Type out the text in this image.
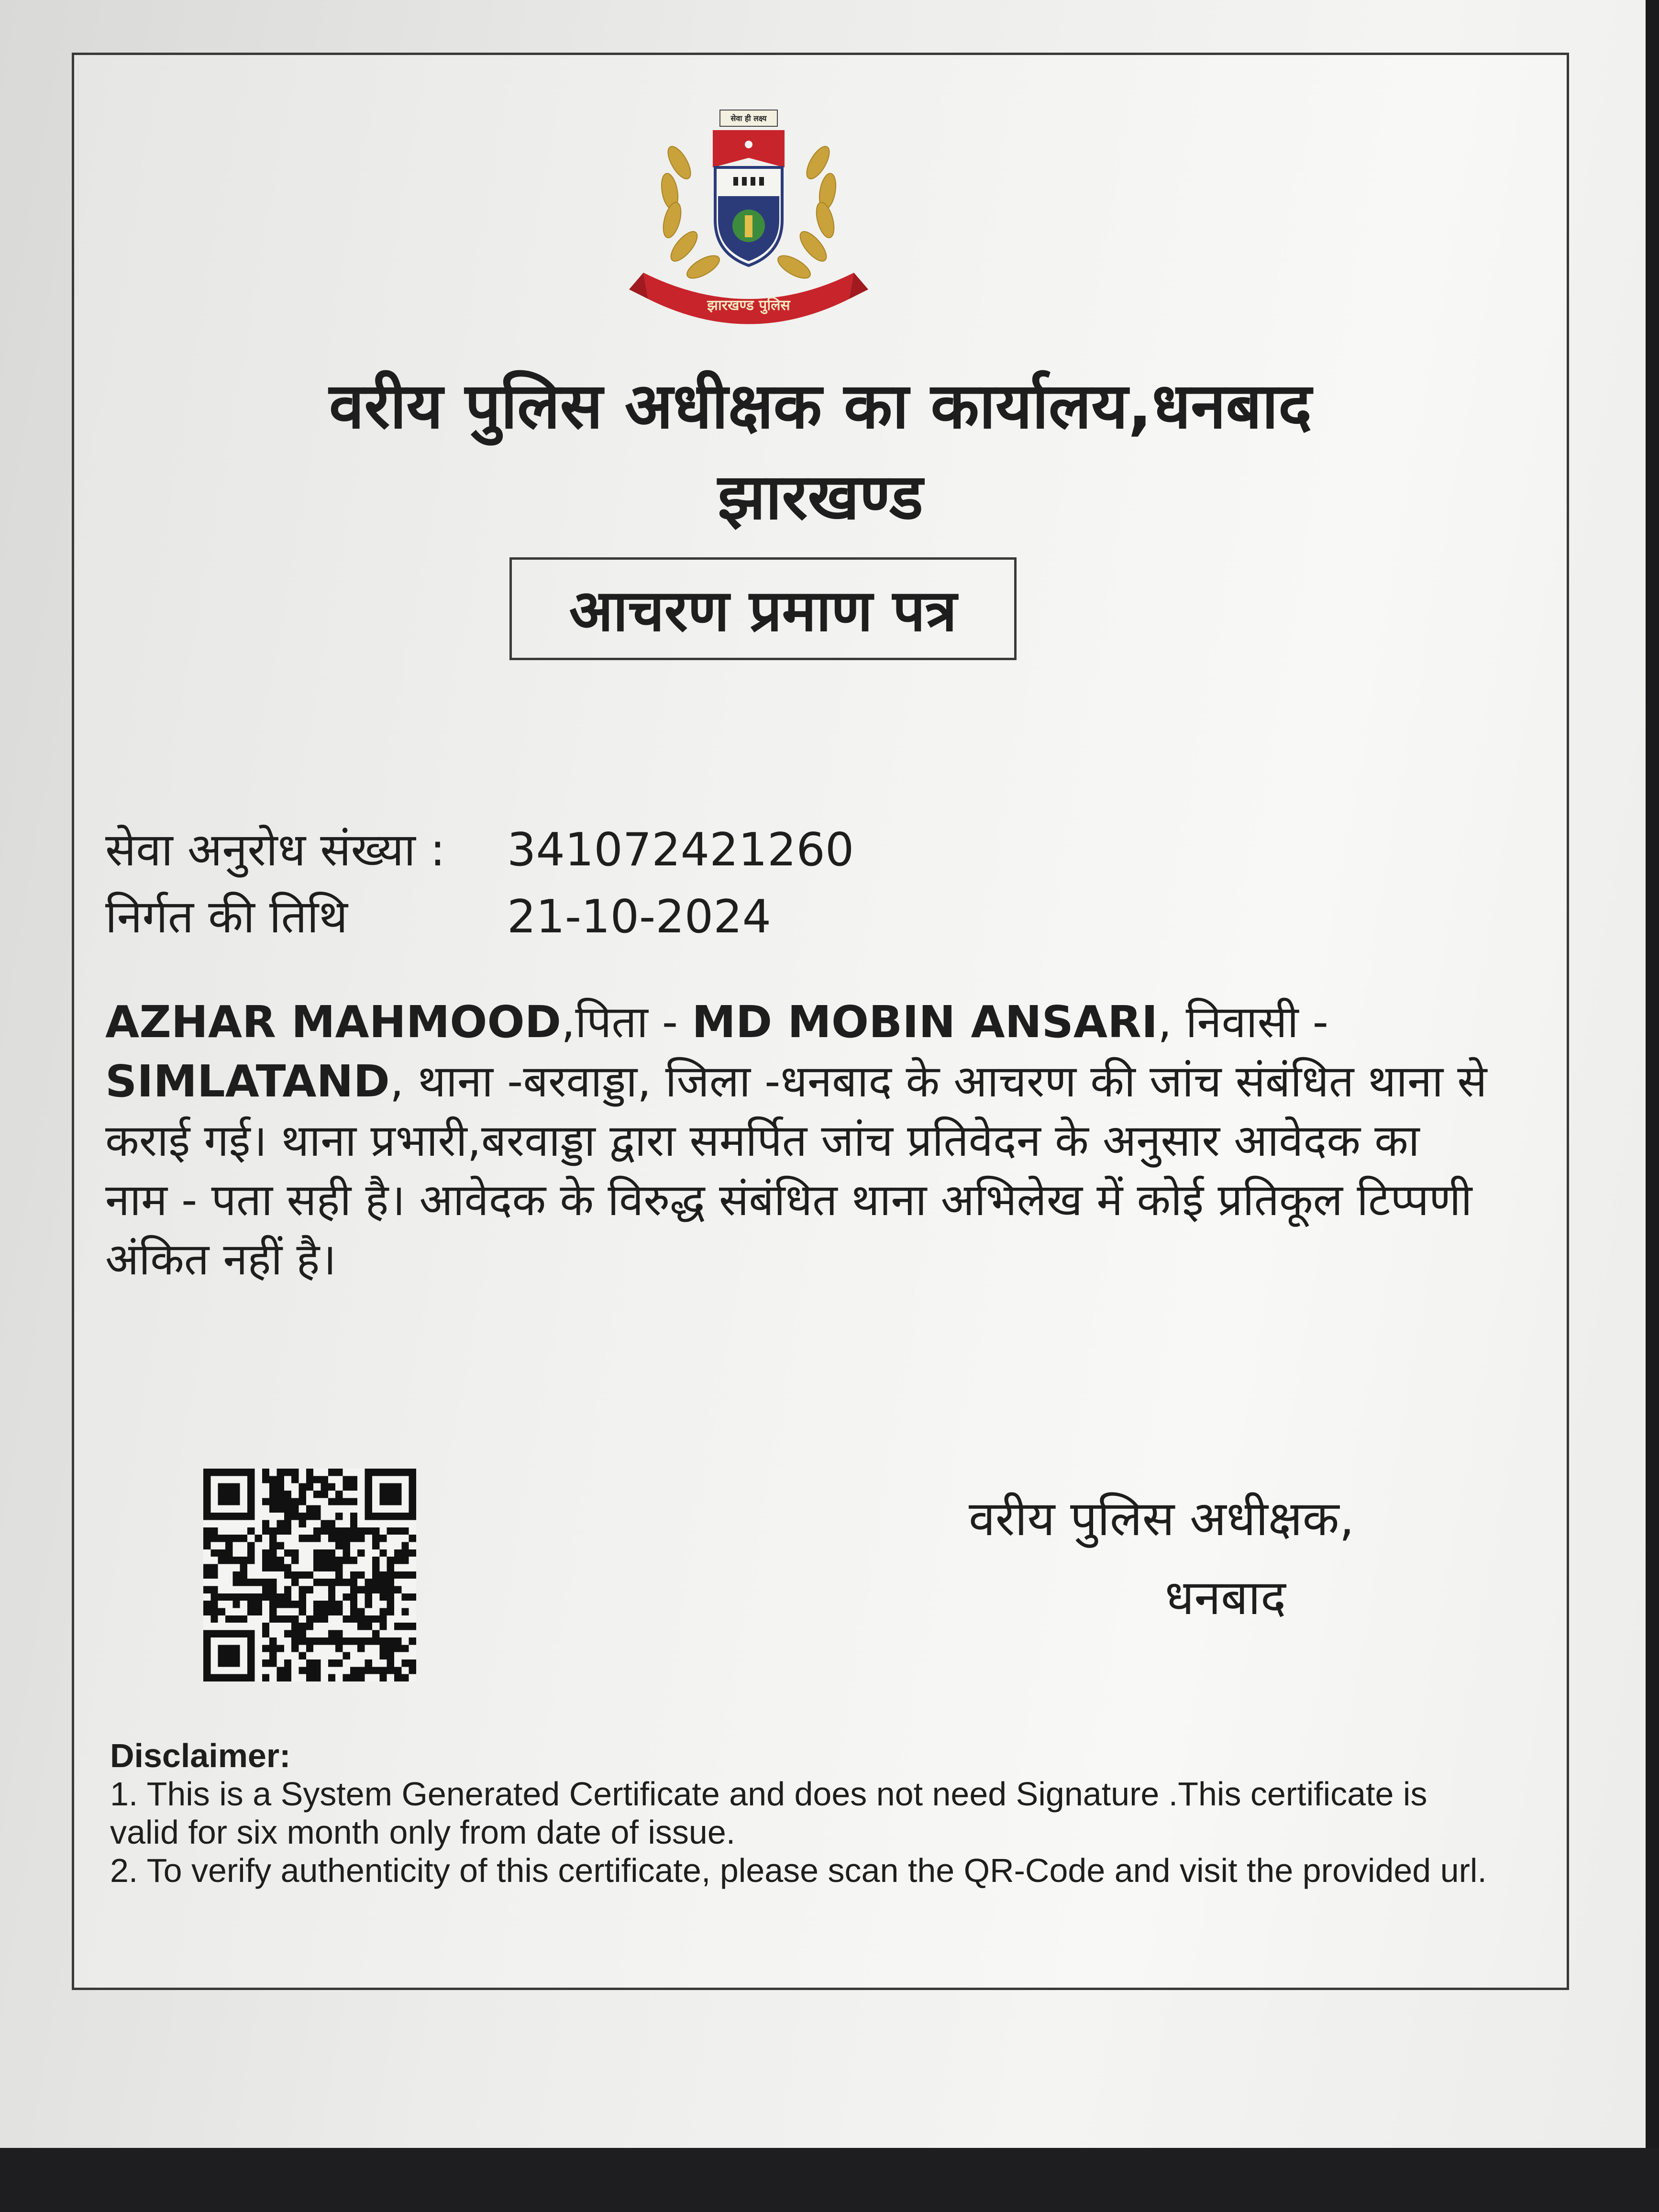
सेवा ही लक्ष्य
झारखण्ड पुलिस
वरीय पुलिस अधीक्षक का कार्यालय,धनबाद
झारखण्ड
आचरण प्रमाण पत्र
सेवा अनुरोध संख्या : 341072421260
निर्गत की तिथि	21-10-2024
AZHAR MAHMOOD,पिता - MD MOBIN ANSARI, निवासी - SIMLATAND, थाना -बरवाड्डा, जिला -धनबाद के आचरण की जांच संबंधित थाना से कराई गई। थाना प्रभारी,बरवाड्डा द्वारा समर्पित जांच प्रतिवेदन के अनुसार आवेदक का नाम - पता सही है। आवेदक के विरुद्ध संबंधित थाना अभिलेख में कोई प्रतिकूल टिप्पणी अंकित नहीं है।
वरीय पुलिस अधीक्षक,
धनबाद
Disclaimer:
1. This is a System Generated Certificate and does not need Signature .This certificate is valid for six month only from date of issue.
2. To verify authenticity of this certificate, please scan the QR-Code and visit the provided url.
